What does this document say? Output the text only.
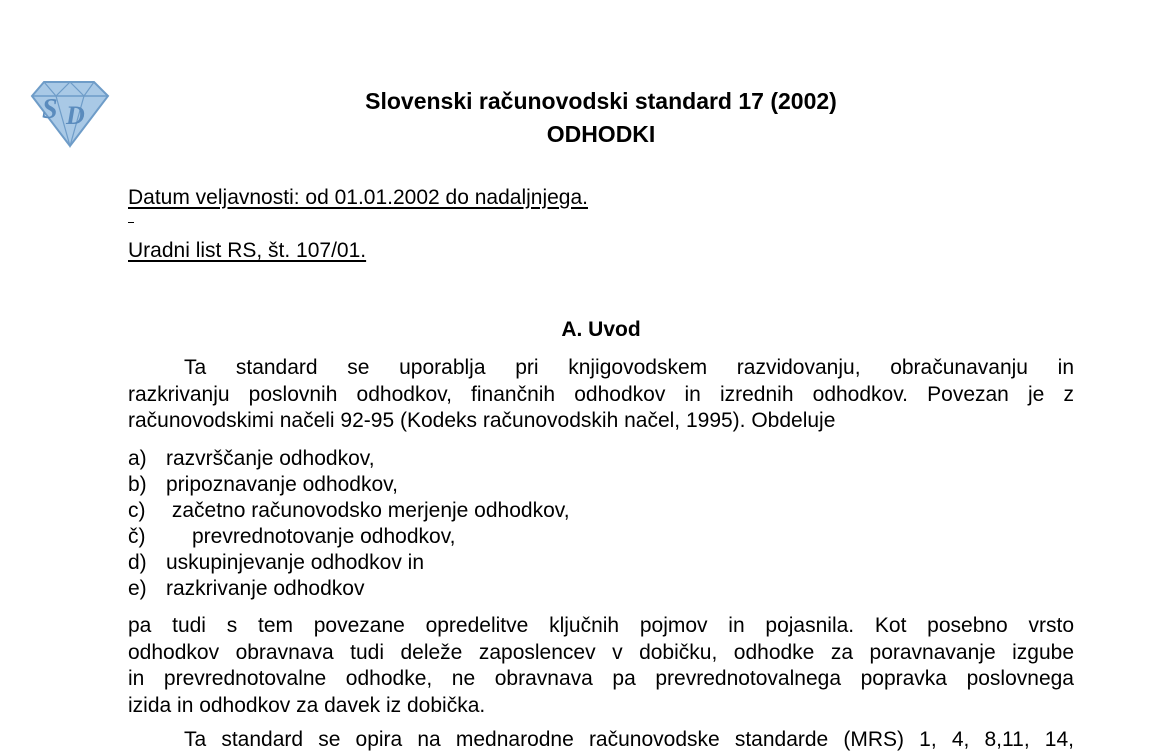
S D	Slovenski računovodski standard 17 (2002)
ODHODKI
Datum veljavnosti: od 01.01.2002 do nadaljnjega.
Uradni list RS, št. 107/01.
A. Uvod
Ta standard se uporablja pri knjigovodskem razvidovanju, obračunavanju in
razkrivanju poslovnih odhodkov, finančnih odhodkov in izrednih odhodkov. Povezan je z
računovodskimi načeli 92-95 (Kodeks računovodskih načel, 1995). Obdeluje
a) razvrščanje odhodkov,
b) pripoznavanje odhodkov,
c) začetno računovodsko merjenje odhodkov,
č)	prevrednotovanje odhodkov,
d) uskupinjevanje odhodkov in
e) razkrivanje odhodkov
pa tudi s tem povezane opredelitve ključnih pojmov in pojasnila. Kot posebno vrsto
odhodkov obravnava tudi deleže zaposlencev v dobičku, odhodke za poravnavanje izgube
in prevrednotovalne odhodke, ne obravnava pa prevrednotovalnega popravka poslovnega
izida in odhodkov za davek iz dobička.
Ta standard se opira na mednarodne računovodske standarde (MRS) 1, 4, 8,11, 14,
